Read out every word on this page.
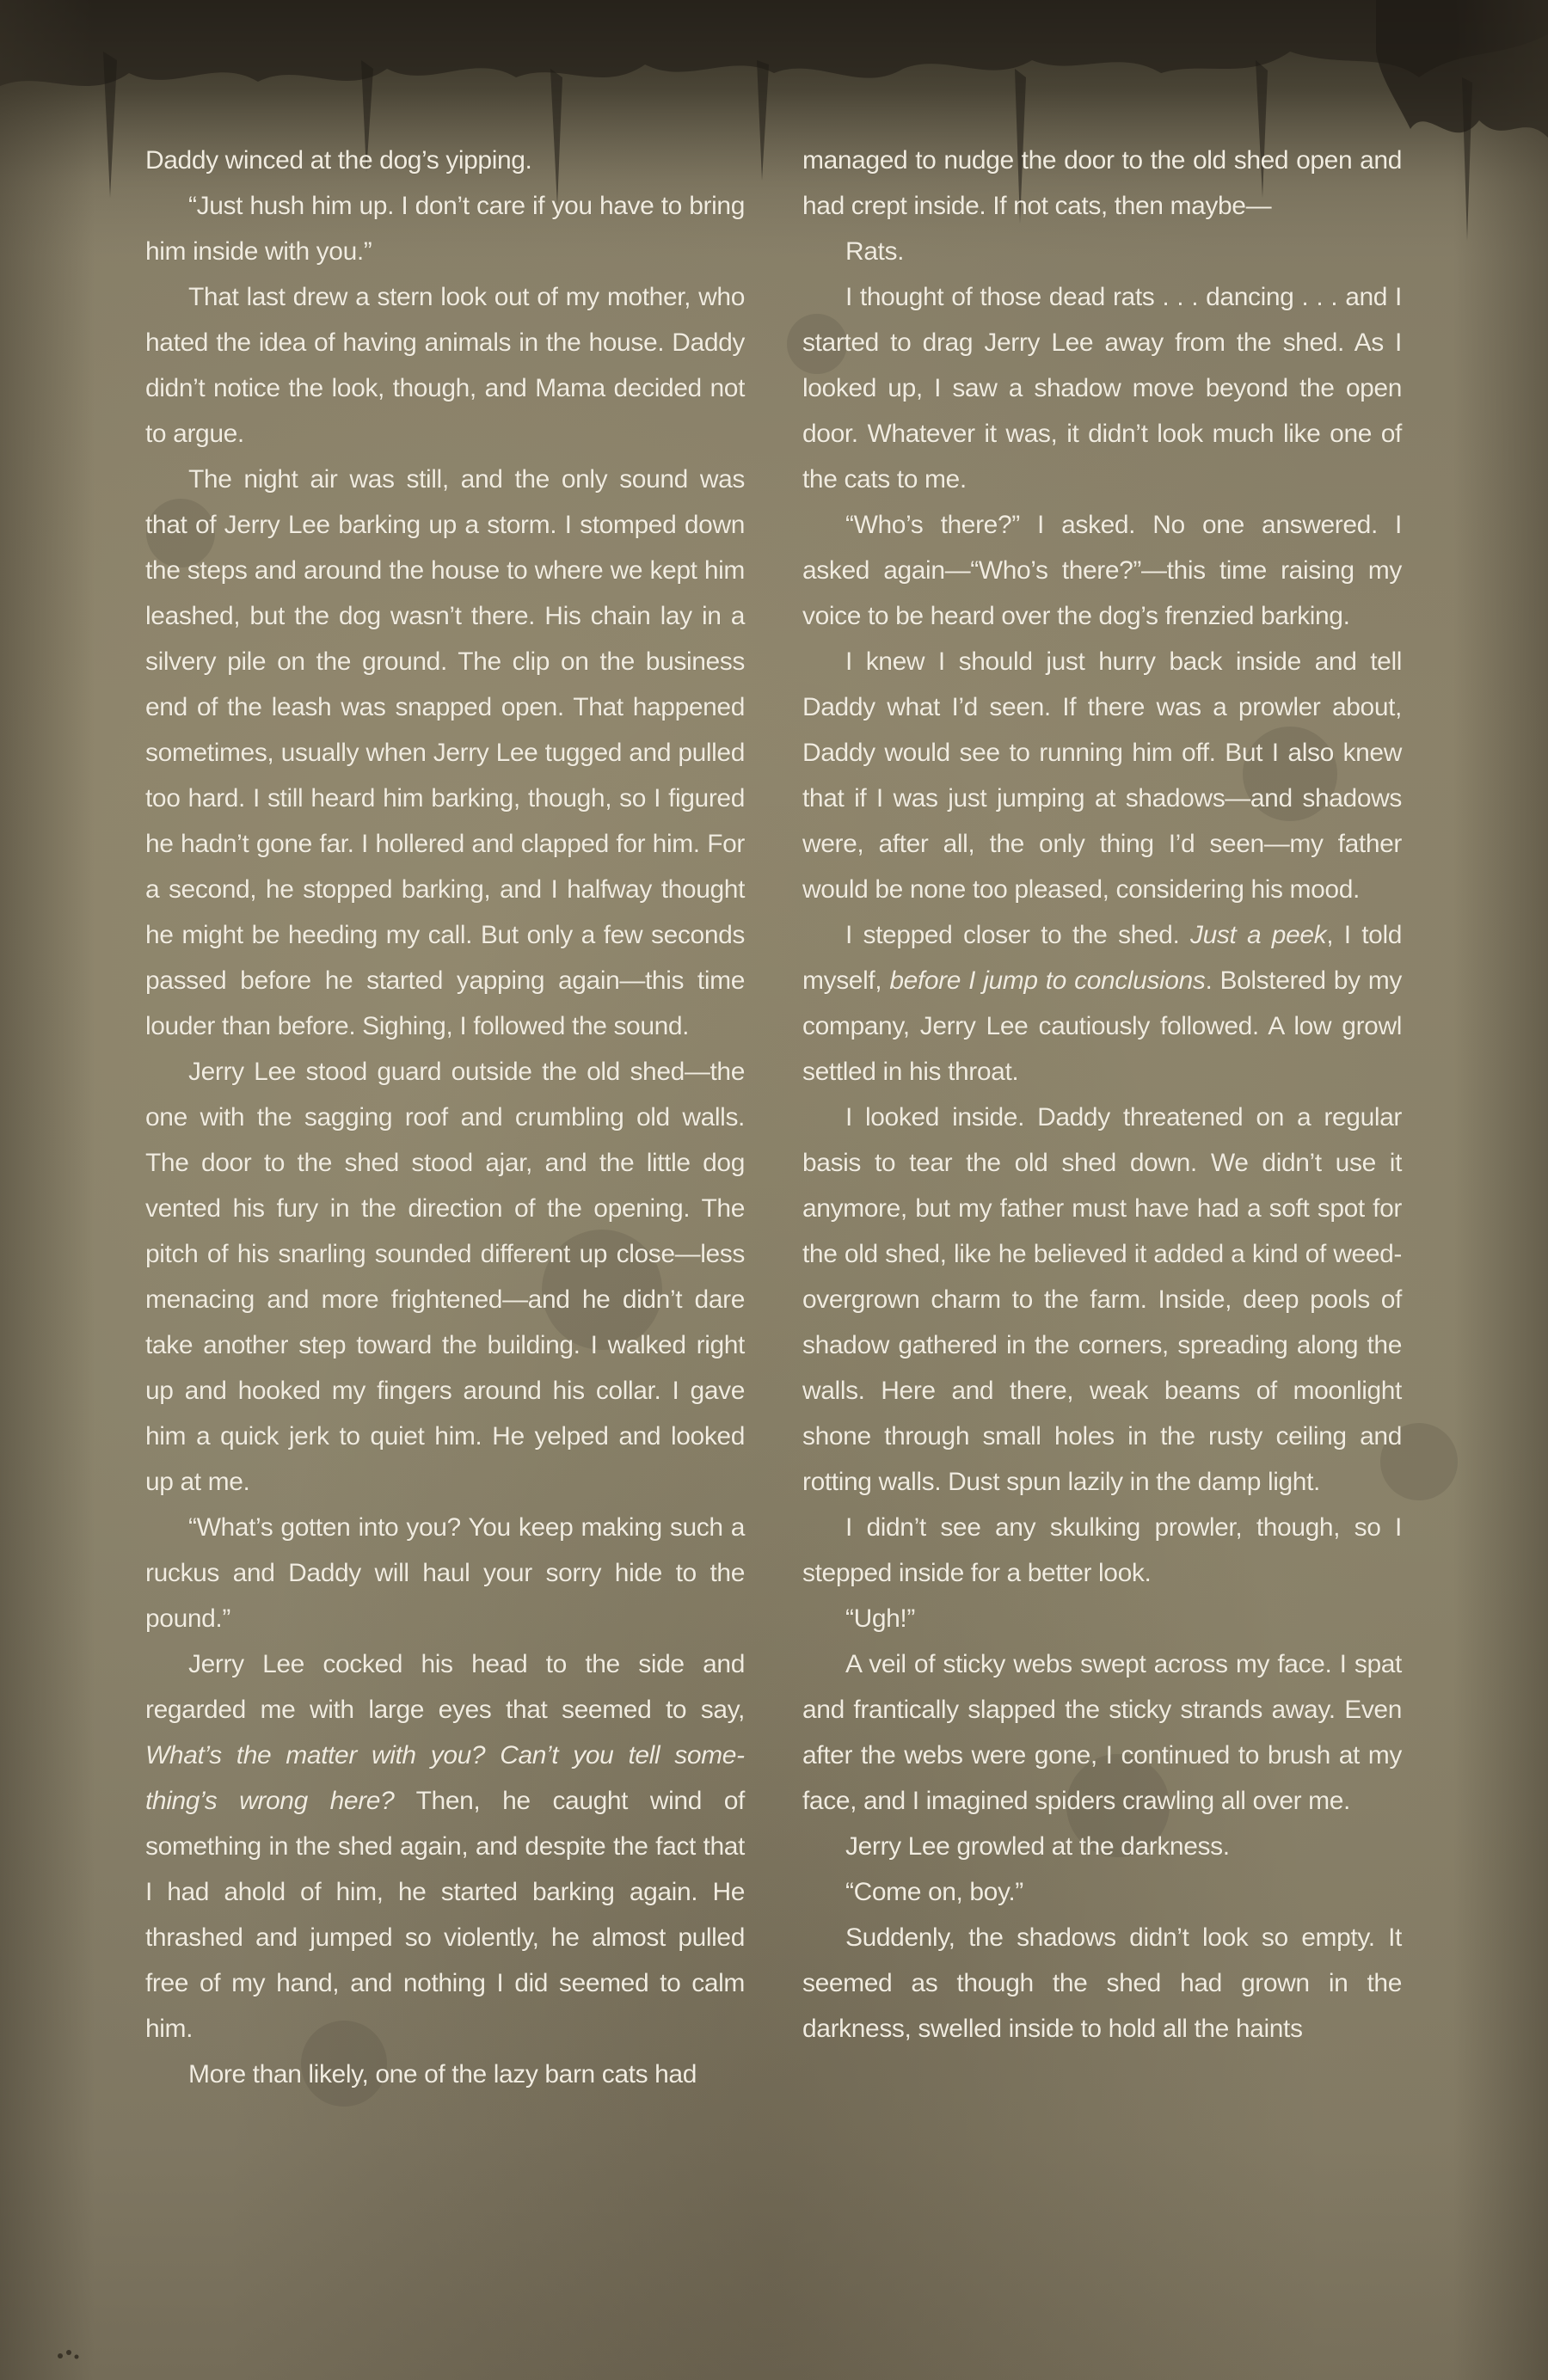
Daddy winced at the dog’s yipping.

“Just hush him up. I don’t care if you have to bring him inside with you.”

That last drew a stern look out of my mother, who hated the idea of having animals in the house. Daddy didn’t notice the look, though, and Mama decided not to argue.

The night air was still, and the only sound was that of Jerry Lee barking up a storm. I stomped down the steps and around the house to where we kept him leashed, but the dog wasn’t there. His chain lay in a silvery pile on the ground. The clip on the business end of the leash was snapped open. That happened sometimes, usually when Jerry Lee tugged and pulled too hard. I still heard him barking, though, so I figured he hadn’t gone far. I hollered and clapped for him. For a second, he stopped barking, and I halfway thought he might be heeding my call. But only a few seconds passed before he started yapping again—this time louder than before. Sighing, I followed the sound.

Jerry Lee stood guard outside the old shed—the one with the sagging roof and crumbling old walls. The door to the shed stood ajar, and the little dog vented his fury in the direction of the opening. The pitch of his snarling sounded different up close—less menacing and more frightened—and he didn’t dare take another step toward the building. I walked right up and hooked my fingers around his collar. I gave him a quick jerk to quiet him. He yelped and looked up at me.

“What’s gotten into you? You keep making such a ruckus and Daddy will haul your sorry hide to the pound.”

Jerry Lee cocked his head to the side and regarded me with large eyes that seemed to say, What’s the matter with you? Can’t you tell something’s wrong here? Then, he caught wind of something in the shed again, and despite the fact that I had ahold of him, he started barking again. He thrashed and jumped so violently, he almost pulled free of my hand, and nothing I did seemed to calm him.

More than likely, one of the lazy barn cats had

managed to nudge the door to the old shed open and had crept inside. If not cats, then maybe—

Rats.

I thought of those dead rats . . . dancing . . . and I started to drag Jerry Lee away from the shed. As I looked up, I saw a shadow move beyond the open door. Whatever it was, it didn’t look much like one of the cats to me.

“Who’s there?” I asked. No one answered. I asked again—“Who’s there?”—this time raising my voice to be heard over the dog’s frenzied barking.

I knew I should just hurry back inside and tell Daddy what I’d seen. If there was a prowler about, Daddy would see to running him off. But I also knew that if I was just jumping at shadows—and shadows were, after all, the only thing I’d seen—my father would be none too pleased, considering his mood.

I stepped closer to the shed. Just a peek, I told myself, before I jump to conclusions. Bolstered by my company, Jerry Lee cautiously followed. A low growl settled in his throat.

I looked inside. Daddy threatened on a regular basis to tear the old shed down. We didn’t use it anymore, but my father must have had a soft spot for the old shed, like he believed it added a kind of weed-overgrown charm to the farm. Inside, deep pools of shadow gathered in the corners, spreading along the walls. Here and there, weak beams of moonlight shone through small holes in the rusty ceiling and rotting walls. Dust spun lazily in the damp light.

I didn’t see any skulking prowler, though, so I stepped inside for a better look.

“Ugh!”

A veil of sticky webs swept across my face. I spat and frantically slapped the sticky strands away. Even after the webs were gone, I continued to brush at my face, and I imagined spiders crawling all over me.

Jerry Lee growled at the darkness.

“Come on, boy.”

Suddenly, the shadows didn’t look so empty. It seemed as though the shed had grown in the darkness, swelled inside to hold all the haints
